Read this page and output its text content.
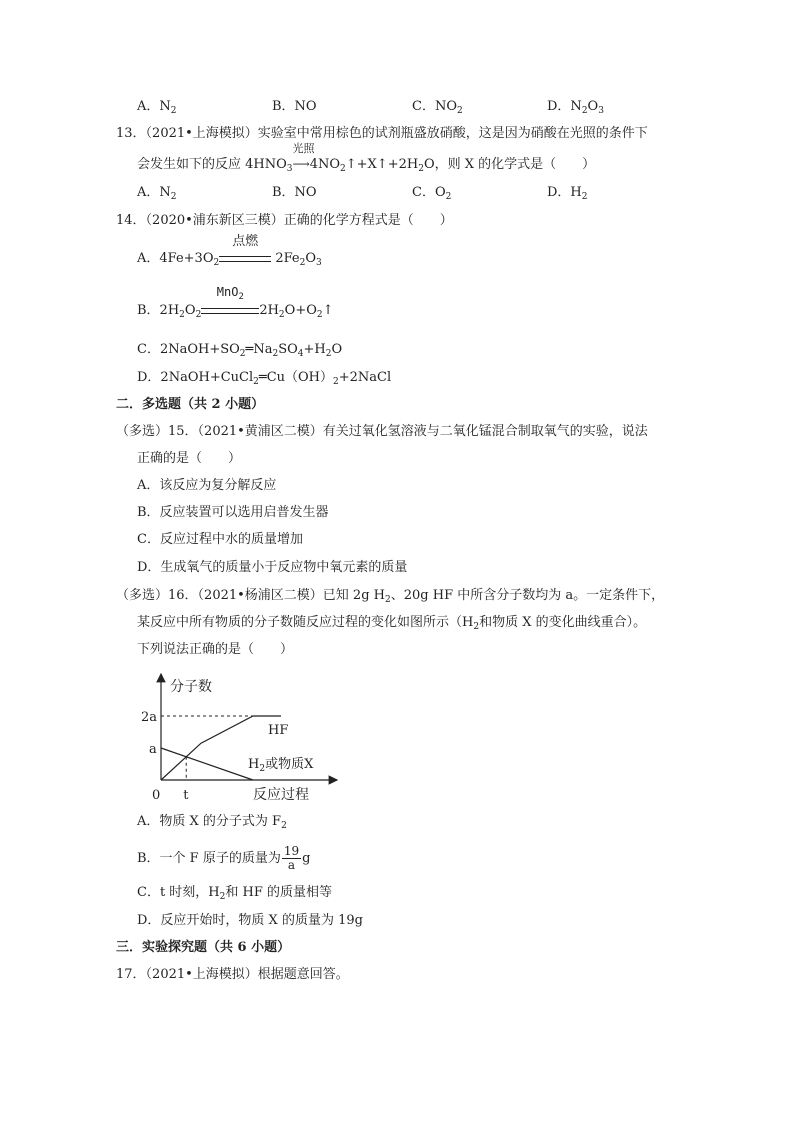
A．$N_2$	B．NO	C．$NO_2$	D．$N_2O_3$
13．（2021•上海模拟）实验室中常用棕色的试剂瓶盛放硝酸，这是因为硝酸在光照的条件下
会发生如下的反应 $4HNO_3$
光照
$⟶4NO_2↑+X↑+2H_2O$，则 X 的化学式是（　　）
A．$N_2$	B．NO	C．$O_2$	D．$H_2$
14．（2020•浦东新区三模）正确的化学方程式是（　　）
A．$4Fe+3O_2$
点燃
$2Fe_2O_3$
B．$2H_2O_2$
MnO$_2$
$2H_2O+O_2↑$
C．$2NaOH+SO_2═Na_2SO_4+H_2O$
D．$2NaOH+CuCl_2═Cu(OH)_2+2NaCl$
二．多选题（共 2 小题）
（多选）15．（2021•黄浦区二模）有关过氧化氢溶液与二氧化锰混合制取氧气的实验，说法
正确的是（　　）
A．该反应为复分解反应
B．反应装置可以选用启普发生器
C．反应过程中水的质量增加
D．生成氧气的质量小于反应物中氧元素的质量
（多选）16．（2021•杨浦区二模）已知 2g $H_2$、20g HF 中所含分子数均为 a。一定条件下，
某反应中所有物质的分子数随反应过程的变化如图所示（$H_2$和物质 X 的变化曲线重合）。
下列说法正确的是（　　）
分子数
反应过程
0
a
2a
t
HF
$H_2$或物质X
A．物质 X 的分子式为 $F_2$
B．一个 F 原子的质量为 $\frac{19}{a}$ g
C．t 时刻，$H_2$和 HF 的质量相等
D．反应开始时，物质 X 的质量为 19g
三．实验探究题（共 6 小题）
17．（2021•上海模拟）根据题意回答。
